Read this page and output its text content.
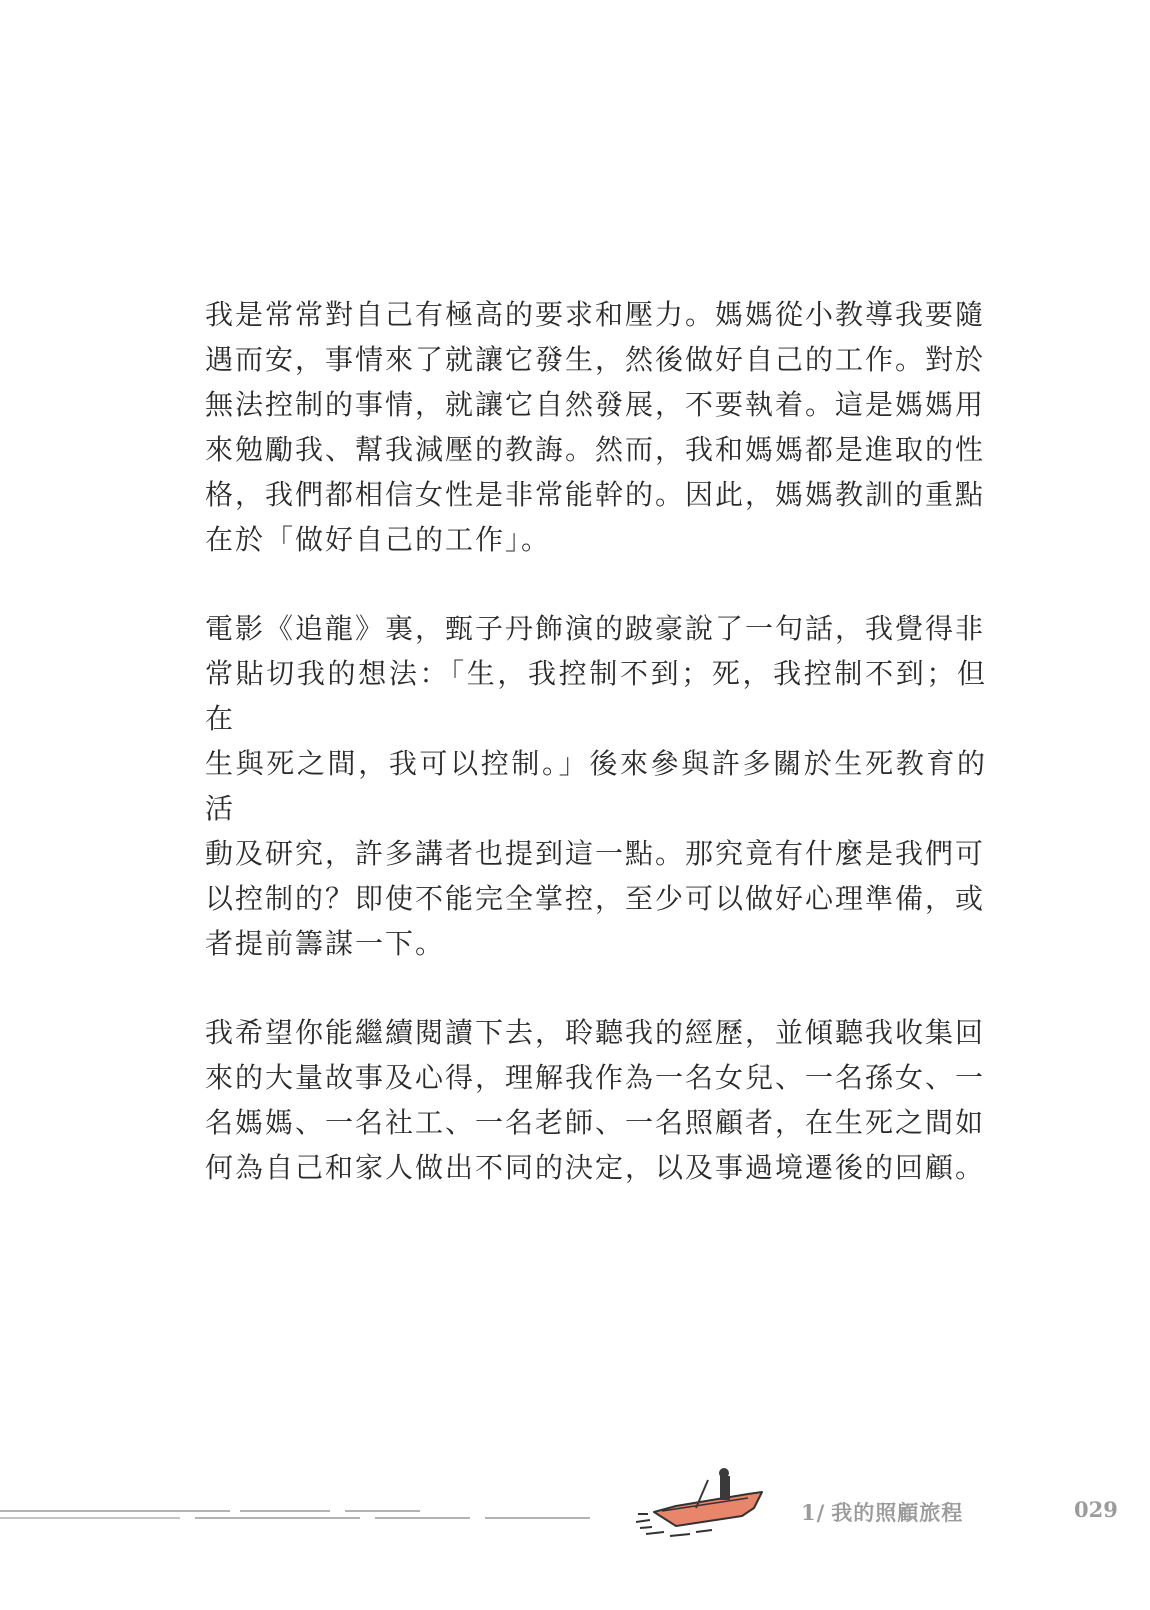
我是常常對自己有極高的要求和壓力。媽媽從小教導我要隨
遇而安，事情來了就讓它發生，然後做好自己的工作。對於
無法控制的事情，就讓它自然發展，不要執着。這是媽媽用
來勉勵我、幫我減壓的教誨。然而，我和媽媽都是進取的性
格，我們都相信女性是非常能幹的。因此，媽媽教訓的重點
在於「做好自己的工作」。

電影《追龍》裏，甄子丹飾演的跛豪說了一句話，我覺得非
常貼切我的想法：「生，我控制不到；死，我控制不到；但在
生與死之間，我可以控制。」後來參與許多關於生死教育的活
動及研究，許多講者也提到這一點。那究竟有什麼是我們可
以控制的？即使不能完全掌控，至少可以做好心理準備，或
者提前籌謀一下。

我希望你能繼續閱讀下去，聆聽我的經歷，並傾聽我收集回
來的大量故事及心得，理解我作為一名女兒、一名孫女、一
名媽媽、一名社工、一名老師、一名照顧者，在生死之間如
何為自己和家人做出不同的決定，以及事過境遷後的回顧。

1/ 我的照顧旅程	029
